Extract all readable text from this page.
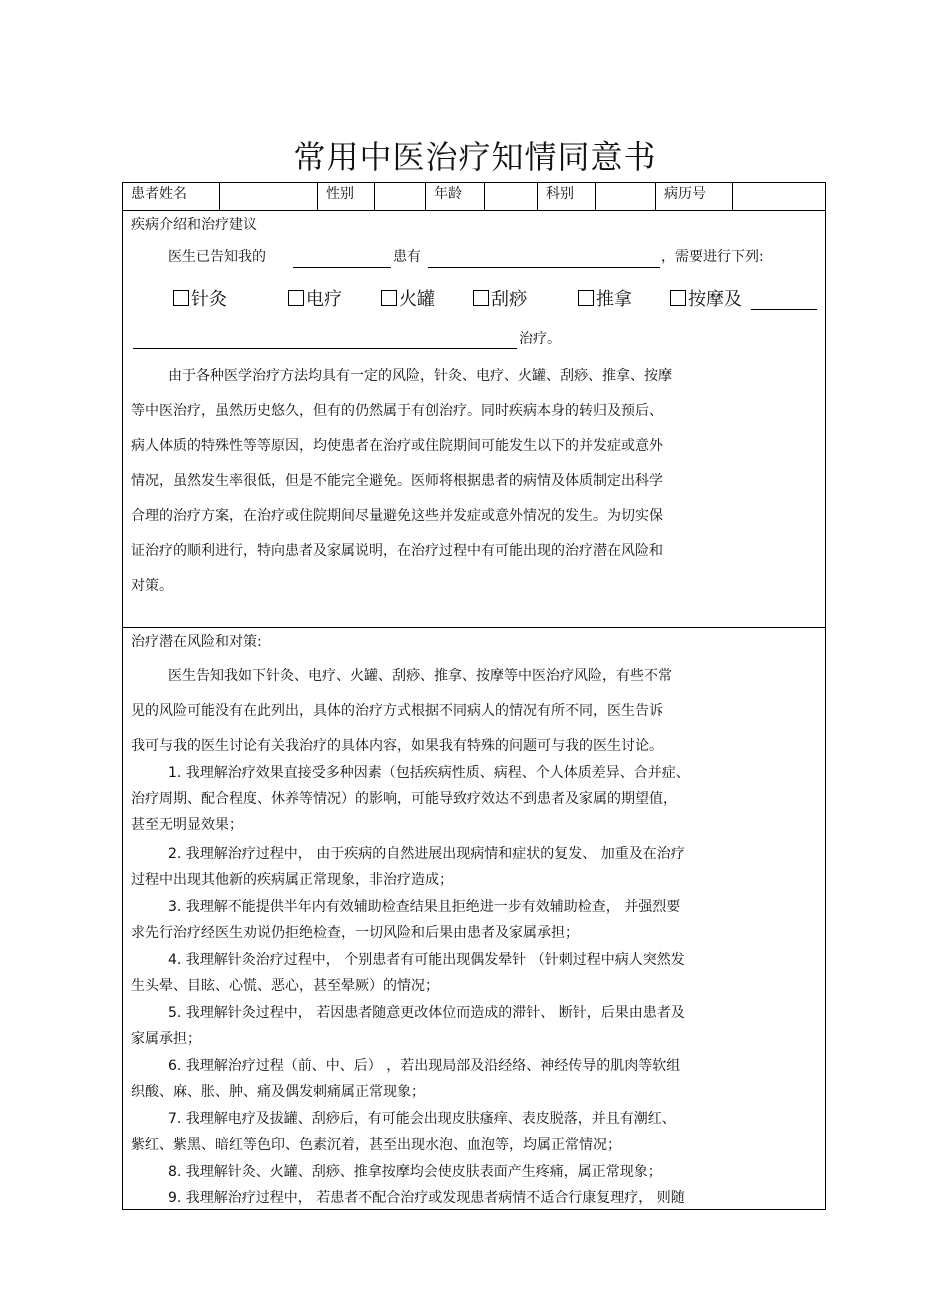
常用中医治疗知情同意书
患者姓名	性别	年龄	科别	病历号
疾病介绍和治疗建议
医生已告知我的	患有	，需要进行下列:
针灸	电疗	火罐	刮痧	推拿	按摩及
治疗。
由于各种医学治疗方法均具有一定的风险，针灸、电疗、火罐、刮痧、推拿、按摩
等中医治疗，虽然历史悠久，但有的仍然属于有创治疗。同时疾病本身的转归及预后、
病人体质的特殊性等等原因，均使患者在治疗或住院期间可能发生以下的并发症或意外
情况，虽然发生率很低，但是不能完全避免。医师将根据患者的病情及体质制定出科学
合理的治疗方案，在治疗或住院期间尽量避免这些并发症或意外情况的发生。为切实保
证治疗的顺利进行，特向患者及家属说明，在治疗过程中有可能出现的治疗潜在风险和
对策。
治疗潜在风险和对策:
医生告知我如下针灸、电疗、火罐、刮痧、推拿、按摩等中医治疗风险，有些不常
见的风险可能没有在此列出，具体的治疗方式根据不同病人的情况有所不同，医生告诉
我可与我的医生讨论有关我治疗的具体内容，如果我有特殊的问题可与我的医生讨论。
1. 我理解治疗效果直接受多种因素（包括疾病性质、病程、个人体质差异、合并症、
治疗周期、配合程度、休养等情况）的影响，可能导致疗效达不到患者及家属的期望值，
甚至无明显效果；
2. 我理解治疗过程中， 由于疾病的自然进展出现病情和症状的复发、 加重及在治疗
过程中出现其他新的疾病属正常现象，非治疗造成；
3. 我理解不能提供半年内有效辅助检查结果且拒绝进一步有效辅助检查， 并强烈要
求先行治疗经医生劝说仍拒绝检查，一切风险和后果由患者及家属承担；
4. 我理解针灸治疗过程中， 个别患者有可能出现偶发晕针 （针刺过程中病人突然发
生头晕、目眩、心慌、恶心，甚至晕厥）的情况；
5. 我理解针灸过程中， 若因患者随意更改体位而造成的滞针、 断针，后果由患者及
家属承担；
6. 我理解治疗过程（前、中、后） ，若出现局部及沿经络、神经传导的肌肉等软组
织酸、麻、胀、肿、痛及偶发刺痛属正常现象；
7. 我理解电疗及拔罐、刮痧后，有可能会出现皮肤瘙痒、表皮脱落，并且有潮红、
紫红、紫黑、暗红等色印、色素沉着，甚至出现水泡、血泡等，均属正常情况；
8. 我理解针灸、火罐、刮痧、推拿按摩均会使皮肤表面产生疼痛，属正常现象；
9. 我理解治疗过程中， 若患者不配合治疗或发现患者病情不适合行康复理疗， 则随
